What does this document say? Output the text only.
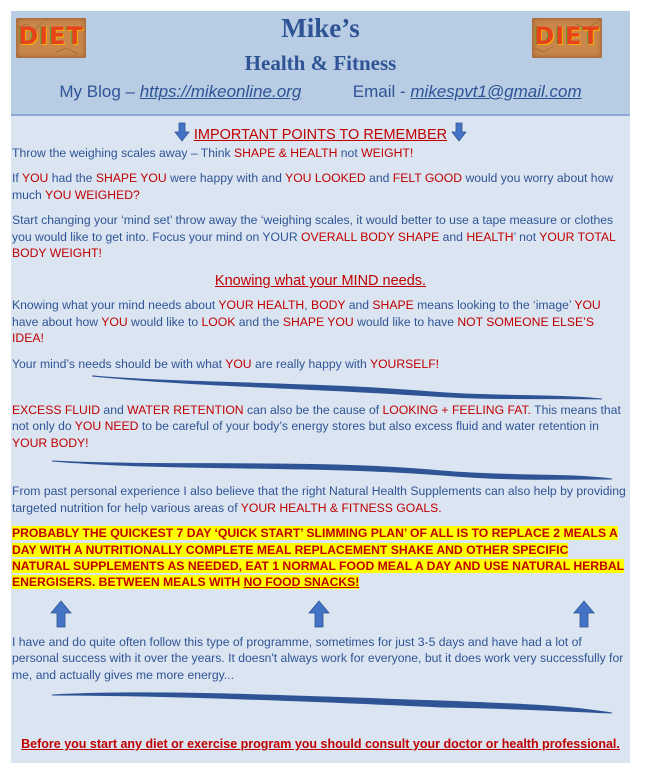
DIET	DIET
Mike’s
Health & Fitness
My Blog – https://mikeonline.org	Email - mikespvt1@gmail.com
IMPORTANT POINTS TO REMEMBER

Throw the weighing scales away – Think SHAPE & HEALTH not WEIGHT!

If YOU had the SHAPE YOU were happy with and YOU LOOKED and FELT GOOD would you worry about how much YOU WEIGHED?

Start changing your ‘mind set’ throw away the ‘weighing scales, it would better to use a tape measure or clothes you would like to get into. Focus your mind on YOUR OVERALL BODY SHAPE and HEALTH’ not YOUR TOTAL BODY WEIGHT!

Knowing what your MIND needs.

Knowing what your mind needs about YOUR HEALTH, BODY and SHAPE means looking to the ‘image’ YOU have about how YOU would like to LOOK and the SHAPE YOU would like to have NOT SOMEONE ELSE’S IDEA!

Your mind’s needs should be with what YOU are really happy with YOURSELF!

EXCESS FLUID and WATER RETENTION can also be the cause of LOOKING + FEELING FAT. This means that not only do YOU NEED to be careful of your body’s energy stores but also excess fluid and water retention in YOUR BODY!

From past personal experience I also believe that the right Natural Health Supplements can also help by providing targeted nutrition for help various areas of YOUR HEALTH & FITNESS GOALS.

PROBABLY THE QUICKEST 7 DAY ‘QUICK START’ SLIMMING PLAN’ OF ALL IS TO REPLACE 2 MEALS A DAY WITH A NUTRITIONALLY COMPLETE MEAL REPLACEMENT SHAKE AND OTHER SPECIFIC NATURAL SUPPLEMENTS AS NEEDED, EAT 1 NORMAL FOOD MEAL A DAY AND USE NATURAL HERBAL ENERGISERS. BETWEEN MEALS WITH NO FOOD SNACKS!

I have and do quite often follow this type of programme, sometimes for just 3-5 days and have had a lot of personal success with it over the years. It doesn't always work for everyone, but it does work very successfully for me, and actually gives me more energy...

Before you start any diet or exercise program you should consult your doctor or health professional.
